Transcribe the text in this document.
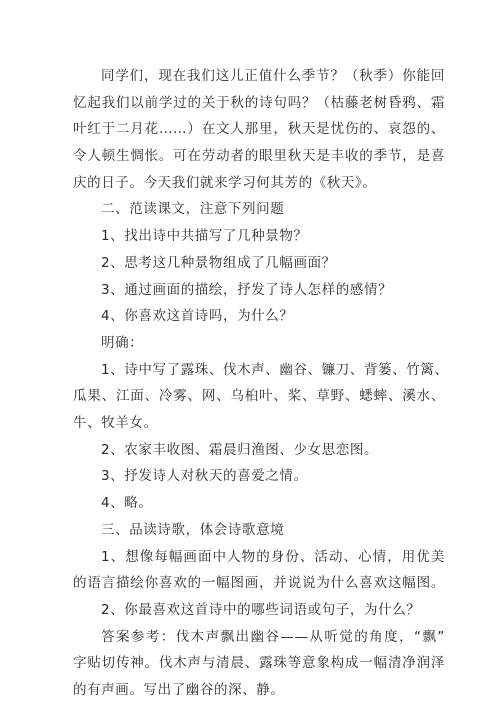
同学们，现在我们这儿正值什么季节？（秋季）你能回
忆起我们以前学过的关于秋的诗句吗？（枯藤老树昏鸦、霜
叶红于二月花……）在文人那里，秋天是忧伤的、哀怨的、
令人顿生惆怅。可在劳动者的眼里秋天是丰收的季节，是喜
庆的日子。今天我们就来学习何其芳的《秋天》。
二、范读课文，注意下列问题
1、找出诗中共描写了几种景物？
2、思考这几种景物组成了几幅画面？
3、通过画面的描绘，抒发了诗人怎样的感情？
4、你喜欢这首诗吗，为什么？
明确：
1、诗中写了露珠、伐木声、幽谷、镰刀、背篓、竹篱、
瓜果、江面、冷雾、网、乌桕叶、桨、草野、蟋蟀、溪水、
牛、牧羊女。
2、农家丰收图、霜晨归渔图、少女思恋图。
3、抒发诗人对秋天的喜爱之情。
4、略。
三、品读诗歌，体会诗歌意境
1、想像每幅画面中人物的身份、活动、心情，用优美
的语言描绘你喜欢的一幅图画，并说说为什么喜欢这幅图。
2、你最喜欢这首诗中的哪些词语或句子，为什么？
答案参考：伐木声飘出幽谷——从听觉的角度，“飘”
字贴切传神。伐木声与清晨、露珠等意象构成一幅清净润泽
的有声画。写出了幽谷的深、静。
